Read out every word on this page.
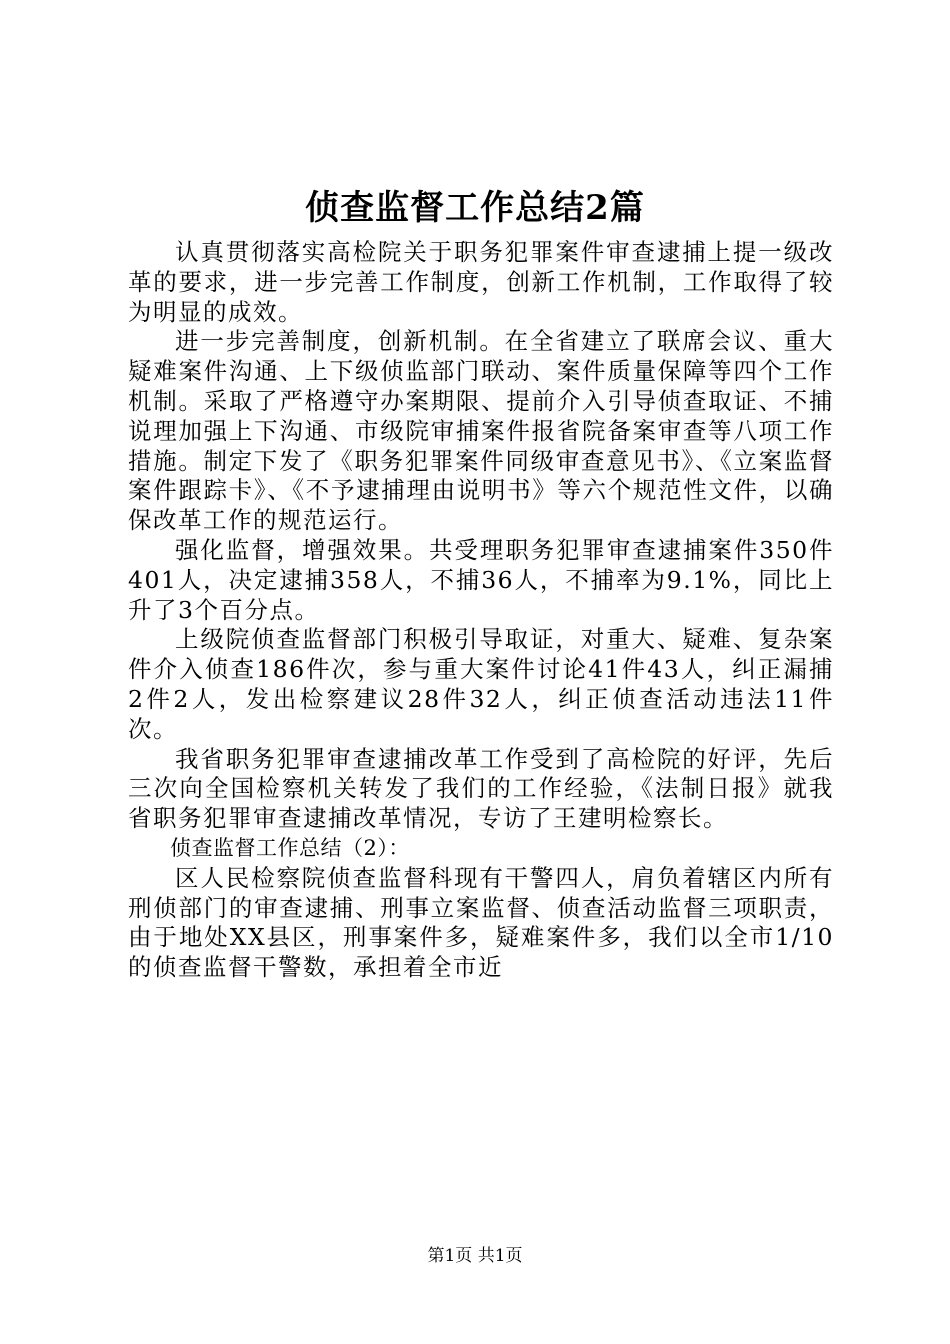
侦查监督工作总结2篇

认真贯彻落实高检院关于职务犯罪案件审查逮捕上提一级改革的要求，进一步完善工作制度，创新工作机制，工作取得了较为明显的成效。

进一步完善制度，创新机制。在全省建立了联席会议、重大疑难案件沟通、上下级侦监部门联动、案件质量保障等四个工作机制。采取了严格遵守办案期限、提前介入引导侦查取证、不捕说理加强上下沟通、市级院审捕案件报省院备案审查等八项工作措施。制定下发了《职务犯罪案件同级审查意见书》、《立案监督案件跟踪卡》、《不予逮捕理由说明书》等六个规范性文件，以确保改革工作的规范运行。

强化监督，增强效果。共受理职务犯罪审查逮捕案件350件401人，决定逮捕358人，不捕36人，不捕率为9.1%，同比上升了3个百分点。

上级院侦查监督部门积极引导取证，对重大、疑难、复杂案件介入侦查186件次，参与重大案件讨论41件43人，纠正漏捕2件2人，发出检察建议28件32人，纠正侦查活动违法11件次。

我省职务犯罪审查逮捕改革工作受到了高检院的好评，先后三次向全国检察机关转发了我们的工作经验，《法制日报》就我省职务犯罪审查逮捕改革情况，专访了王建明检察长。

侦查监督工作总结（2）：

区人民检察院侦查监督科现有干警四人，肩负着辖区内所有刑侦部门的审查逮捕、刑事立案监督、侦查活动监督三项职责，由于地处XX县区，刑事案件多，疑难案件多，我们以全市1/10的侦查监督干警数，承担着全市近

第1页 共1页
